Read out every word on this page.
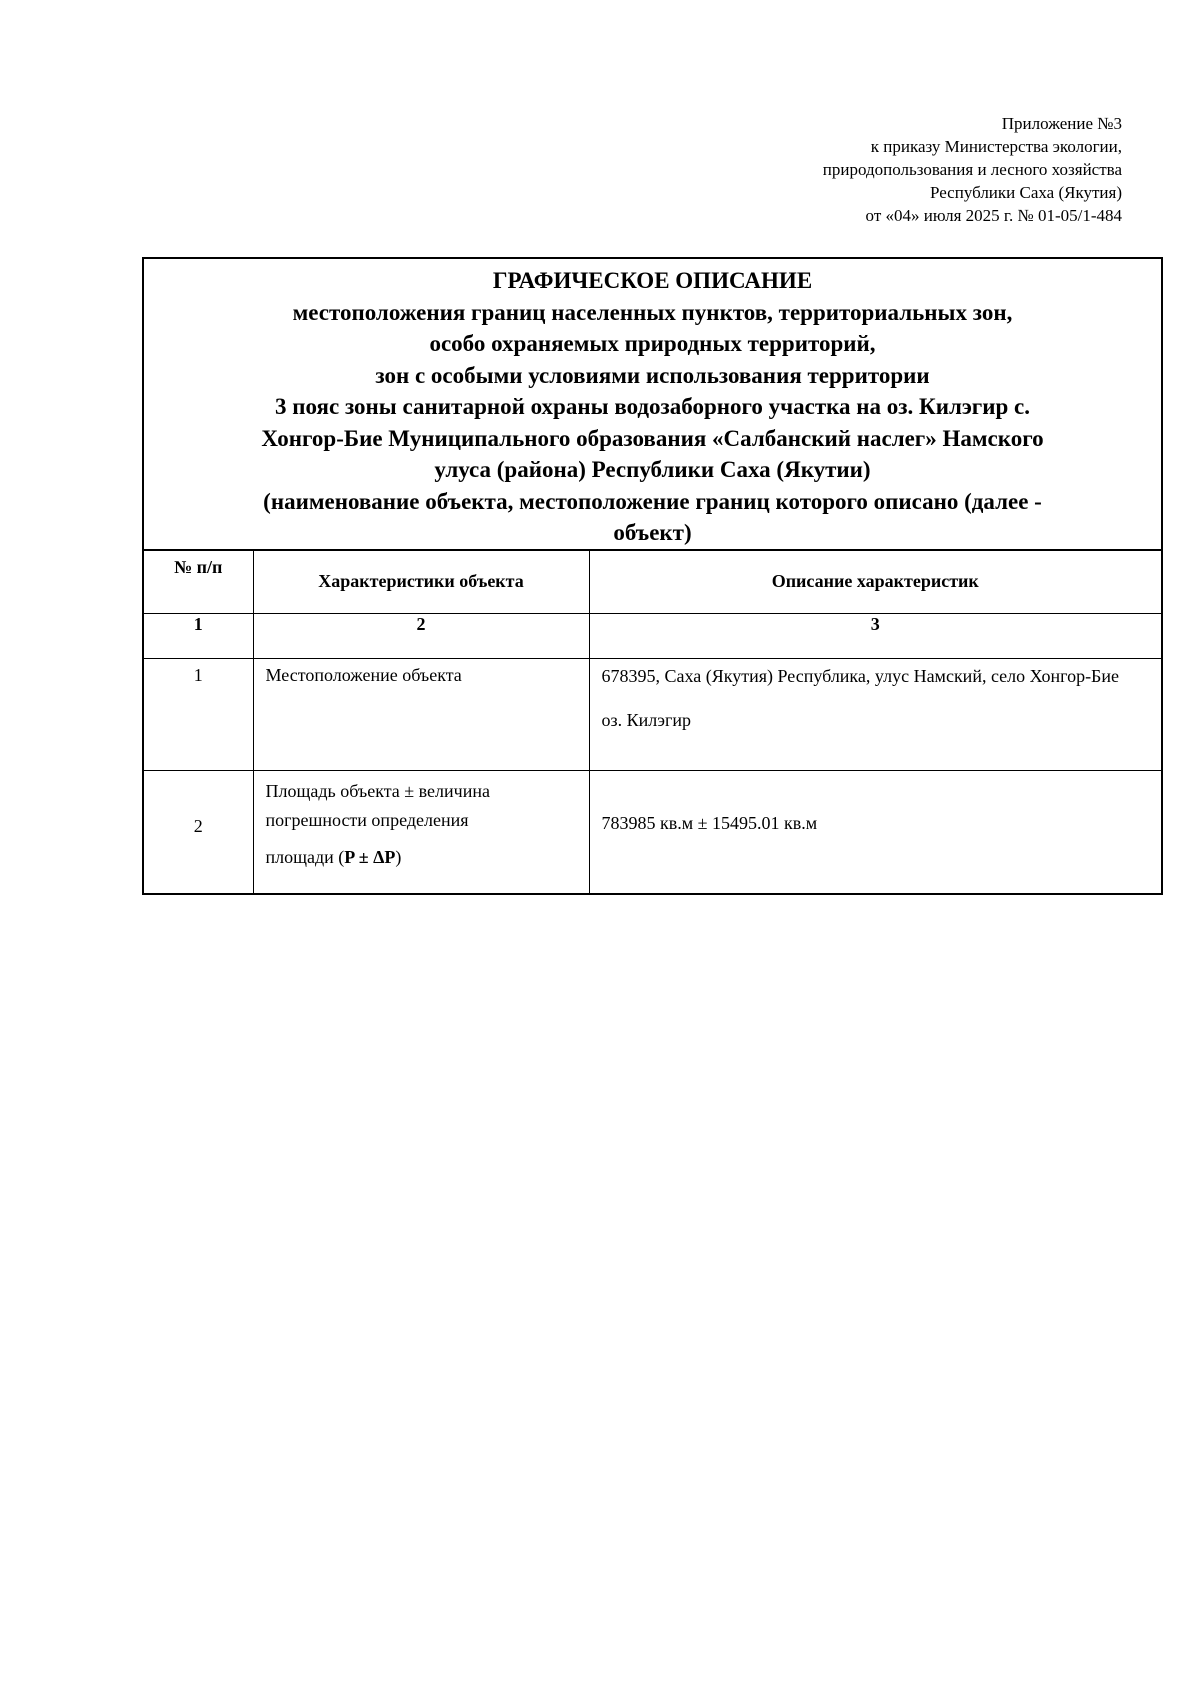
Приложение №3
к приказу Министерства экологии,
природопользования и лесного хозяйства
Республики Саха (Якутия)
от «04» июля 2025 г. № 01-05/1-484
ГРАФИЧЕСКОЕ ОПИСАНИЕ
местоположения границ населенных пунктов, территориальных зон,
особо охраняемых природных территорий,
зон с особыми условиями использования территории
3 пояс зоны санитарной охраны водозаборного участка на оз. Килэгир с.
Хонгор-Бие Муниципального образования «Салбанский наслег» Намского
улуса (района) Республики Саха (Якутии)
(наименование объекта, местоположение границ которого описано (далее -
объект)
№ п/п	Характеристики объекта	Описание характеристик
1	2	3
1	Местоположение объекта	678395, Саха (Якутия) Республика, улус Намский, село Хонгор-Бие
оз. Килэгир

2	Площадь объекта ± величина
погрешности определения
площади (P ± ΔP)	783985 кв.м ± 15495.01 кв.м
